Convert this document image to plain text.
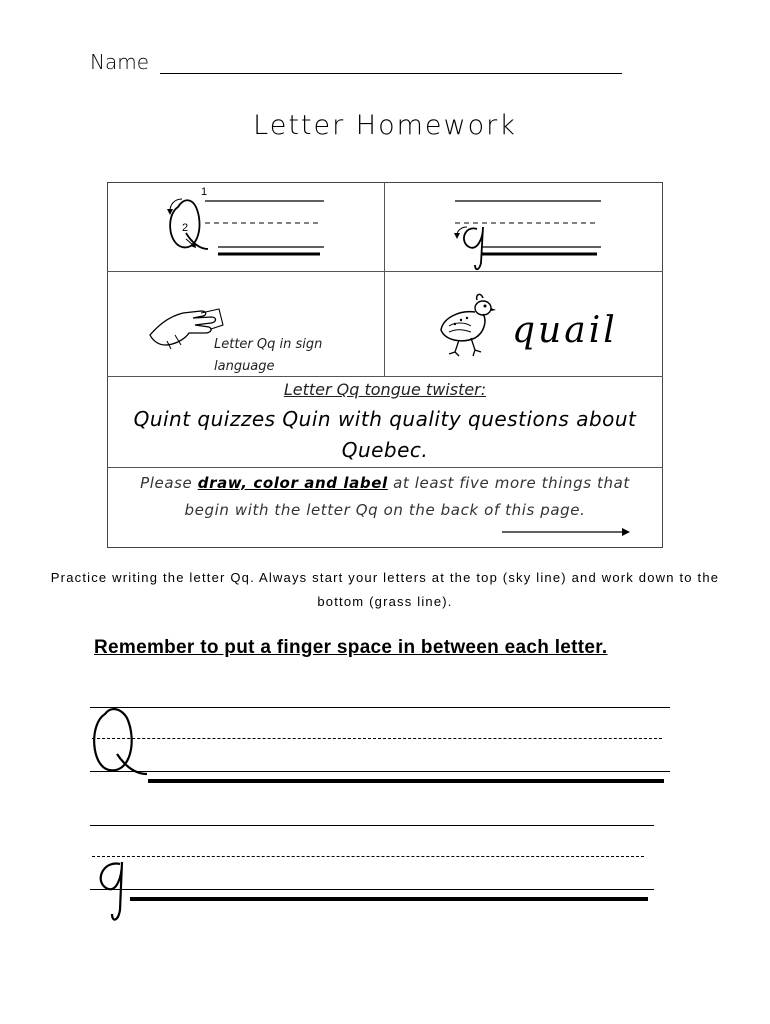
Name
Letter Homework
1
2
Letter Qq in sign language
quail
Letter Qq tongue twister:
Quint quizzes Quin with quality questions about Quebec.
Please draw, color and label at least five more things that begin with the letter Qq on the back of this page.
Practice writing the letter Qq. Always start your letters at the top (sky line) and work down to the bottom (grass line).
Remember to put a finger space in between each letter.
